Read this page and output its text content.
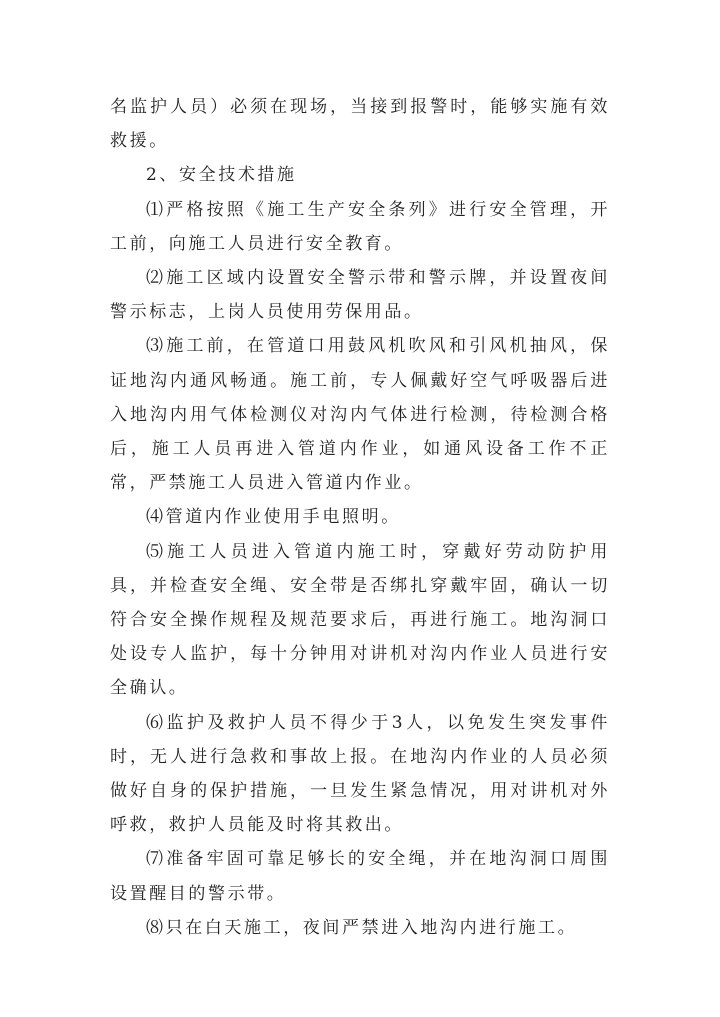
名监护人员）必须在现场，当接到报警时，能够实施有效救援。

2、安全技术措施

⑴严格按照《施工生产安全条列》进行安全管理，开工前，向施工人员进行安全教育。

⑵施工区域内设置安全警示带和警示牌，并设置夜间警示标志，上岗人员使用劳保用品。

⑶施工前，在管道口用鼓风机吹风和引风机抽风，保证地沟内通风畅通。施工前，专人佩戴好空气呼吸器后进入地沟内用气体检测仪对沟内气体进行检测，待检测合格后，施工人员再进入管道内作业，如通风设备工作不正常，严禁施工人员进入管道内作业。

⑷管道内作业使用手电照明。

⑸施工人员进入管道内施工时，穿戴好劳动防护用具，并检查安全绳、安全带是否绑扎穿戴牢固，确认一切符合安全操作规程及规范要求后，再进行施工。地沟洞口处设专人监护，每十分钟用对讲机对沟内作业人员进行安全确认。

⑹监护及救护人员不得少于3人，以免发生突发事件时，无人进行急救和事故上报。在地沟内作业的人员必须做好自身的保护措施，一旦发生紧急情况，用对讲机对外呼救，救护人员能及时将其救出。

⑺准备牢固可靠足够长的安全绳，并在地沟洞口周围设置醒目的警示带。

⑻只在白天施工，夜间严禁进入地沟内进行施工。
